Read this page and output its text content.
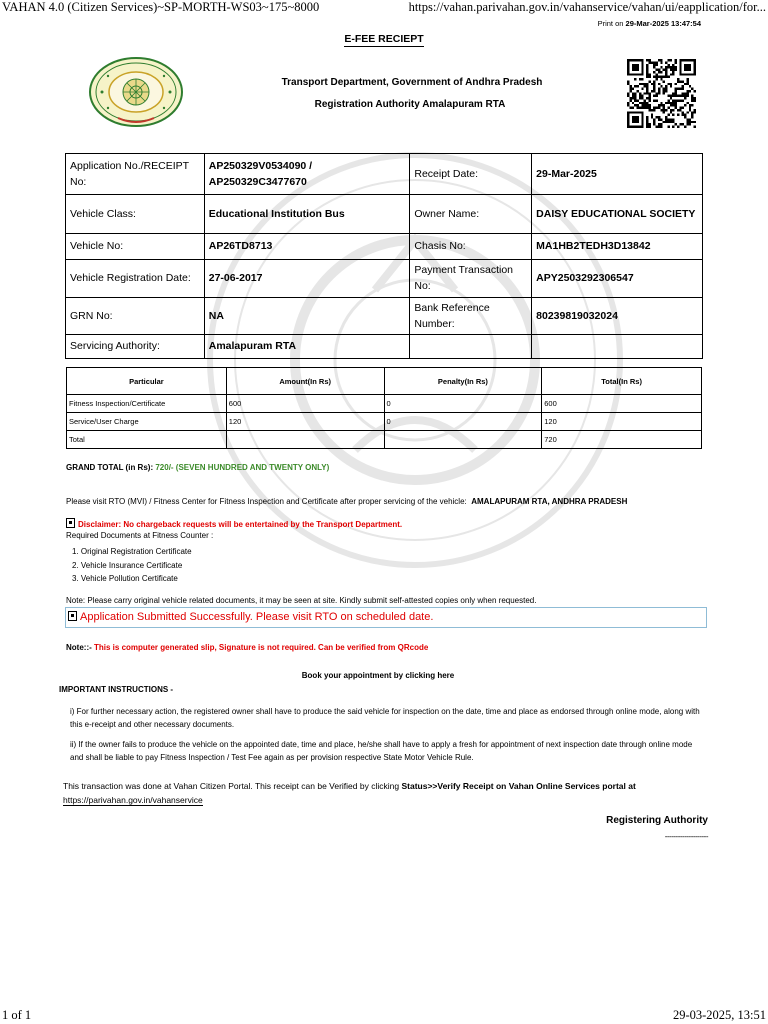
VAHAN 4.0 (Citizen Services)~SP-MORTH-WS03~175~8000	https://vahan.parivahan.gov.in/vahanservice/vahan/ui/eapplication/for...
Print on 29-Mar-2025 13:47:54
E-FEE RECIEPT
Transport Department, Government of Andhra Pradesh
Registration Authority Amalapuram RTA
Application No./RECEIPT No:	AP250329V0534090 / AP250329C3477670	Receipt Date:	29-Mar-2025
Vehicle Class:	Educational Institution Bus	Owner Name:	DAISY EDUCATIONAL SOCIETY
Vehicle No:	AP26TD8713	Chasis No:	MA1HB2TEDH3D13842
Vehicle Registration Date:	27-06-2017	Payment Transaction No:	APY2503292306547
GRN No:	NA	Bank Reference Number:	80239819032024
Servicing Authority:	Amalapuram RTA		
Particular	Amount(In Rs)	Penalty(In Rs)	Total(In Rs)
Fitness Inspection/Certificate	600	0	600
Service/User Charge	120	0	120
Total			720
GRAND TOTAL (in Rs): 720/- (SEVEN HUNDRED AND TWENTY ONLY)
Please visit RTO (MVI) / Fitness Center for Fitness Inspection and Certificate after proper servicing of the vehicle: AMALAPURAM RTA, ANDHRA PRADESH
Disclaimer: No chargeback requests will be entertained by the Transport Department.
Required Documents at Fitness Counter :
1. Original Registration Certificate
2. Vehicle Insurance Certificate
3. Vehicle Pollution Certificate
Note: Please carry original vehicle related documents, it may be seen at site. Kindly submit self-attested copies only when requested.
Application Submitted Successfully. Please visit RTO on scheduled date.
Note::- This is computer generated slip, Signature is not required. Can be verified from QRcode
Book your appointment by clicking here
IMPORTANT INSTRUCTIONS -
i) For further necessary action, the registered owner shall have to produce the said vehicle for inspection on the date, time and place as endorsed through online mode, along with this e-receipt and other necessary documents.
ii) If the owner fails to produce the vehicle on the appointed date, time and place, he/she shall have to apply a fresh for appointment of next inspection date through online mode and shall be liable to pay Fitness Inspection / Test Fee again as per provision respective State Motor Vehicle Rule.
This transaction was done at Vahan Citizen Portal. This receipt can be Verified by clicking Status>>Verify Receipt on Vahan Online Services portal at
https://parivahan.gov.in/vahanservice
Registering Authority
--------------------
1 of 1	29-03-2025, 13:51
